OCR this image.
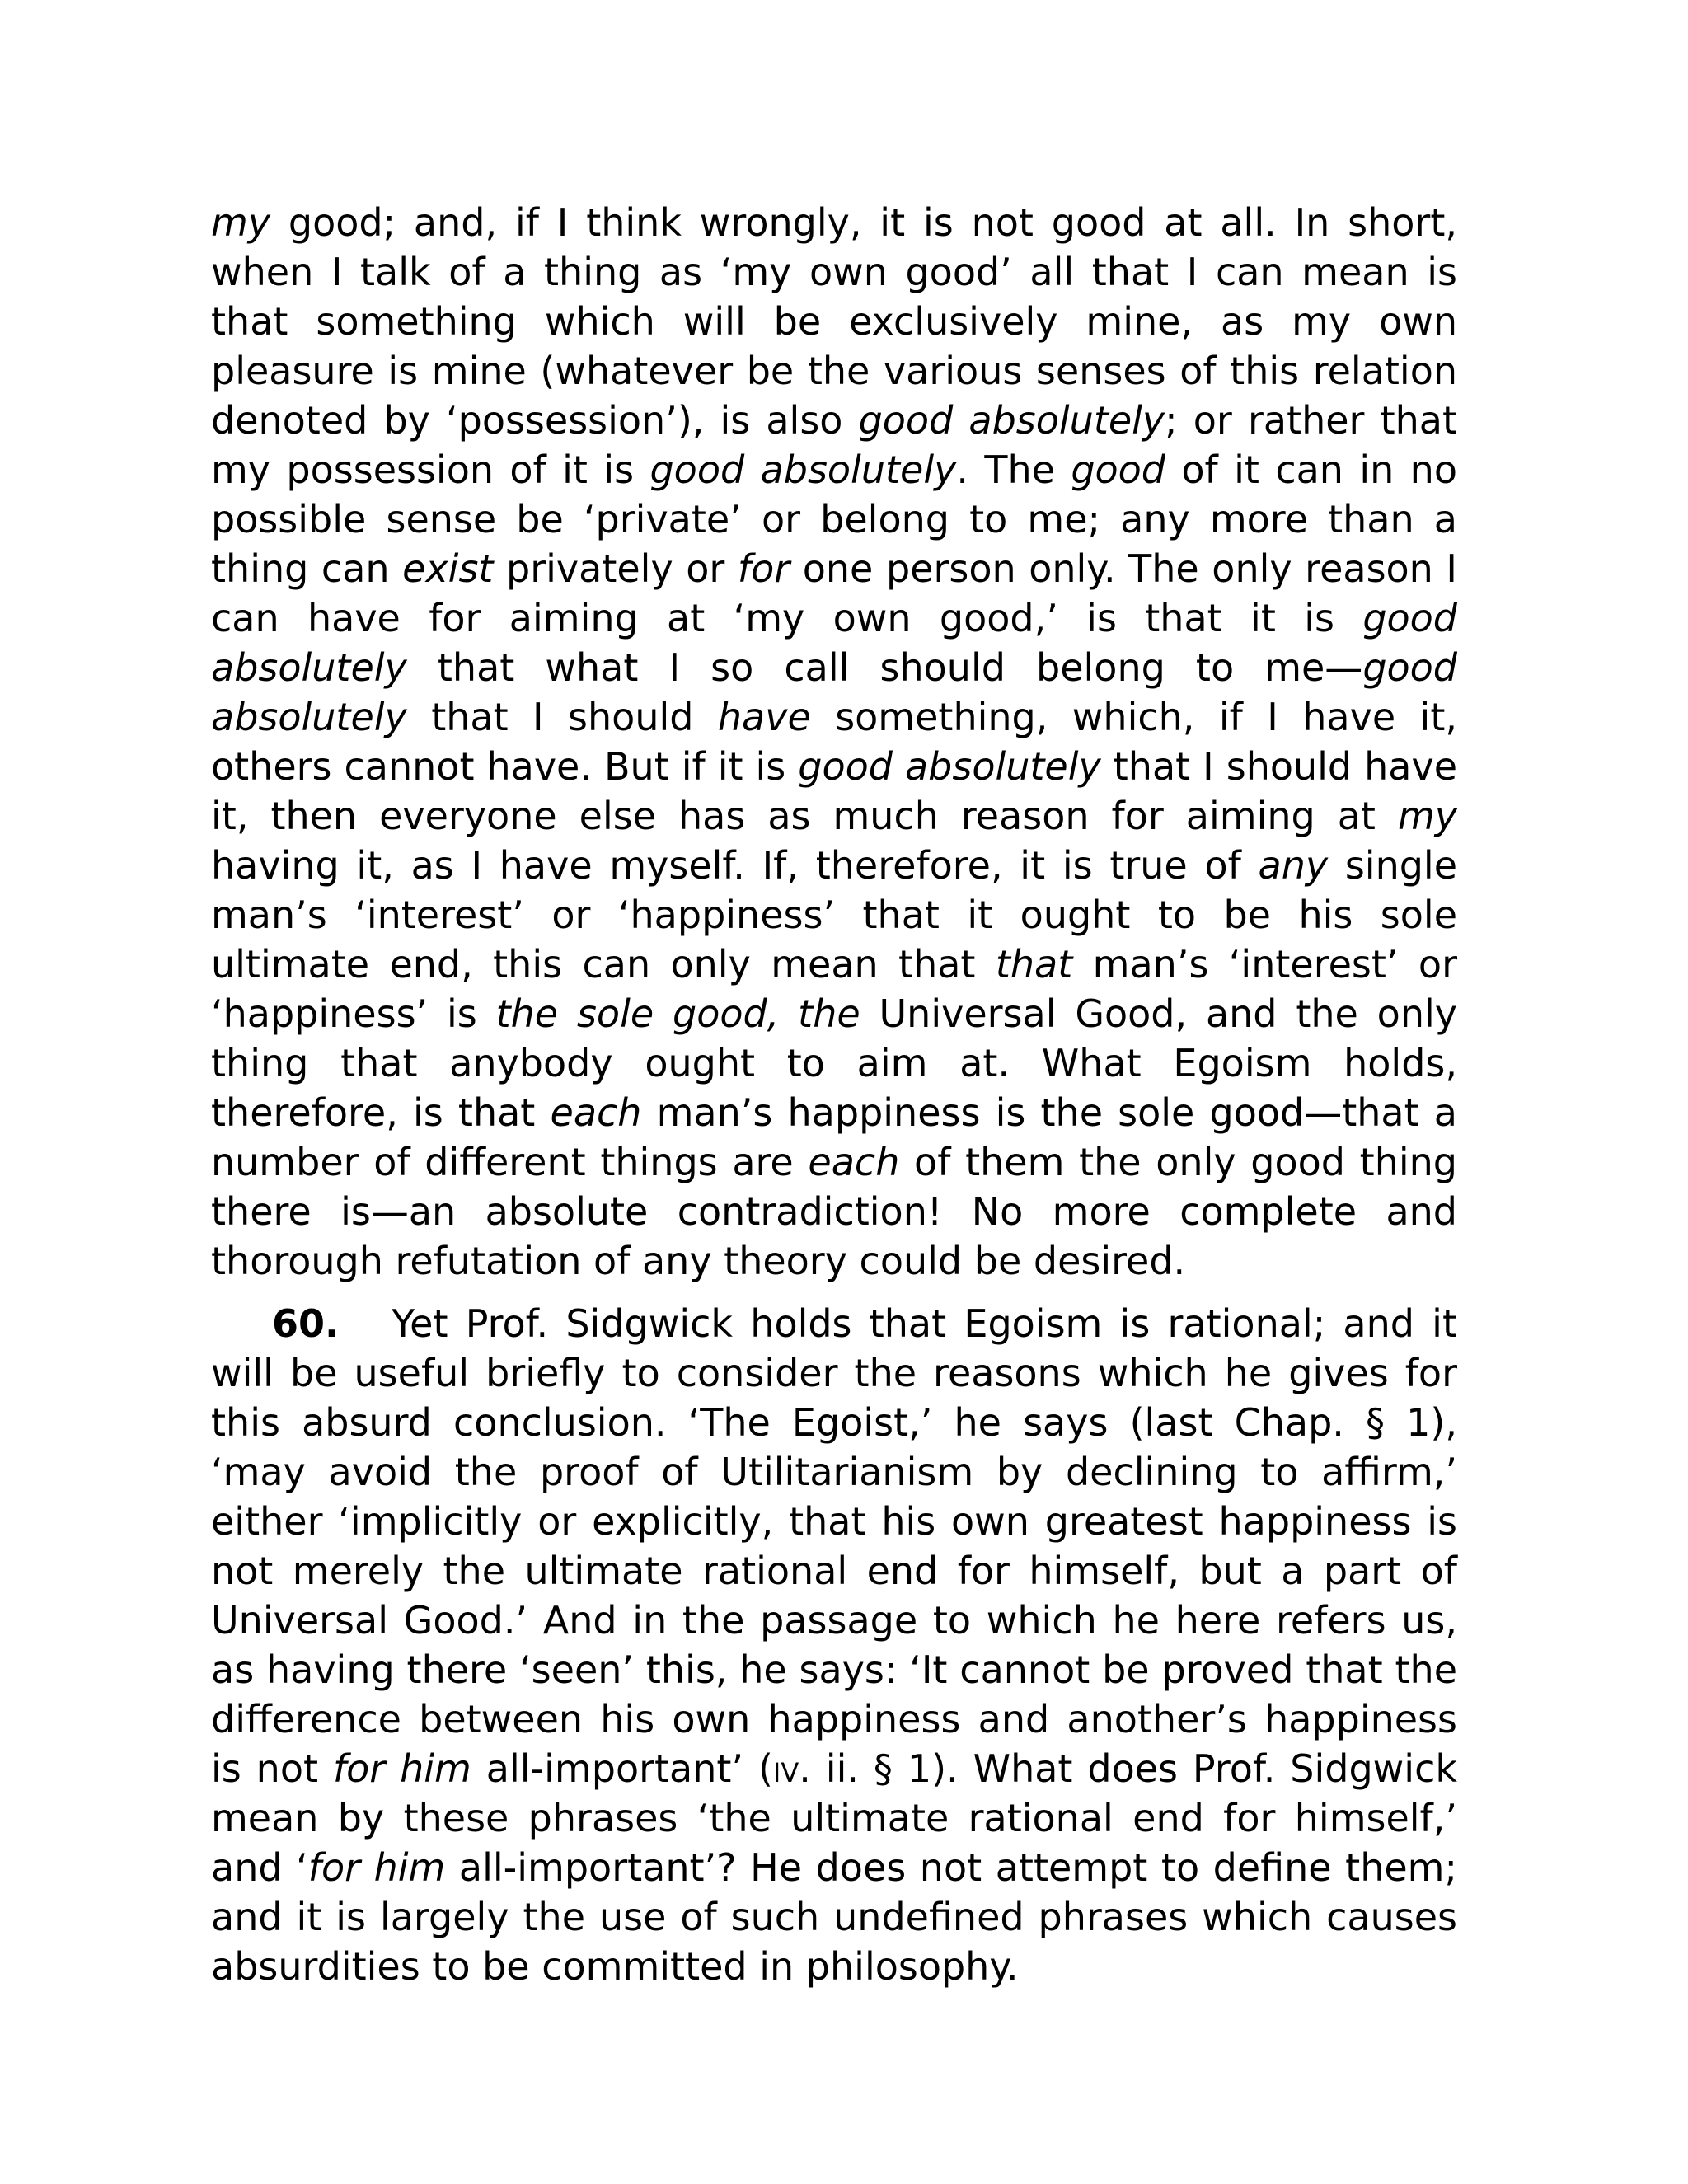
my good; and, if I think wrongly, it is not good at all. In short, when I talk of a thing as ‘my own good’ all that I can mean is that something which will be exclusively mine, as my own pleasure is mine (whatever be the various senses of this relation denoted by ‘possession’), is also good absolutely; or rather that my possession of it is good absolutely. The good of it can in no possible sense be ‘private’ or belong to me; any more than a thing can exist privately or for one person only. The only reason I can have for aiming at ‘my own good,’ is that it is good absolutely that what I so call should belong to me—good absolutely that I should have something, which, if I have it, others cannot have. But if it is good absolutely that I should have it, then everyone else has as much reason for aiming at my having it, as I have myself. If, therefore, it is true of any single man’s ‘interest’ or ‘happiness’ that it ought to be his sole ultimate end, this can only mean that that man’s ‘interest’ or ‘happiness’ is the sole good, the Universal Good, and the only thing that anybody ought to aim at. What Egoism holds, therefore, is that each man’s happiness is the sole good—that a number of different things are each of them the only good thing there is—an absolute contradiction! No more complete and thorough refutation of any theory could be desired.

60.   Yet Prof. Sidgwick holds that Egoism is rational; and it will be useful briefly to consider the reasons which he gives for this absurd conclusion. ‘The Egoist,’ he says (last Chap. § 1), ‘may avoid the proof of Utilitarianism by declining to affirm,’ either ‘implicitly or explicitly, that his own greatest happiness is not merely the ultimate rational end for himself, but a part of Universal Good.’ And in the passage to which he here refers us, as having there ‘seen’ this, he says: ‘It cannot be proved that the difference between his own happiness and another’s happiness is not for him all-important’ (iv. ii. § 1). What does Prof. Sidgwick mean by these phrases ‘the ultimate rational end for himself,’ and ‘for him all-important’? He does not attempt to define them; and it is largely the use of such undefined phrases which causes absurdities to be committed in philosophy.
